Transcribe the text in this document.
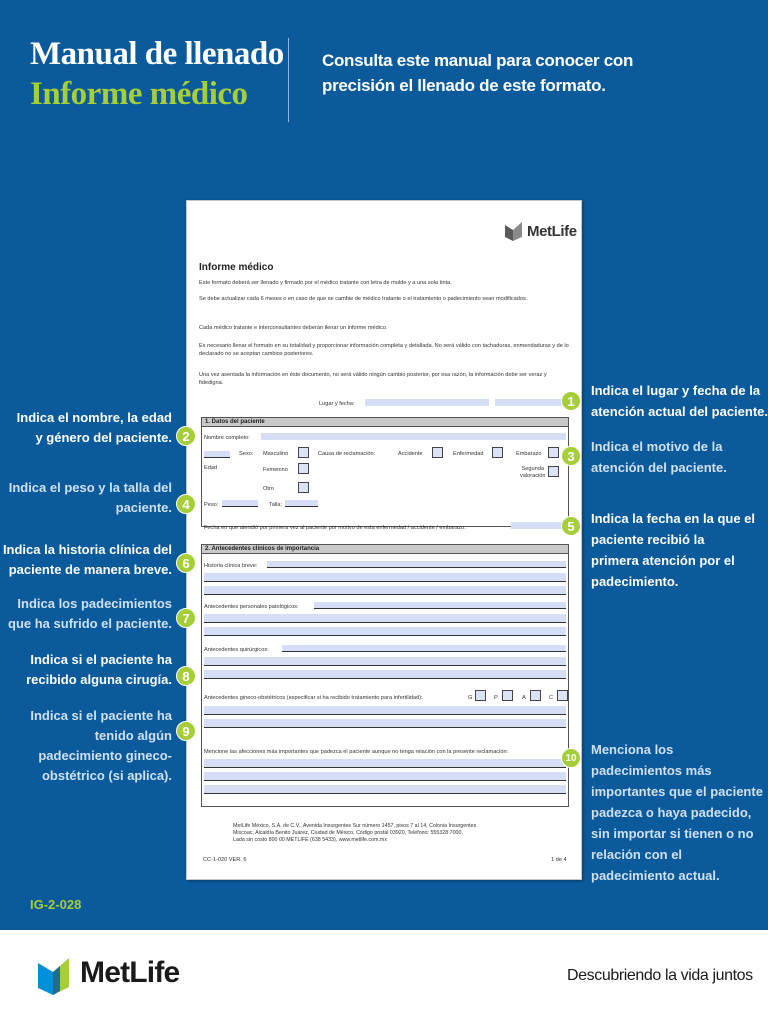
Manual de llenado
Informe médico
Consulta este manual para conocer con
precisión el llenado de este formato.
MetLife
Informe médico
Este formato deberá ser llenado y firmado por el médico tratante con letra de molde y a una sola tinta.
Se debe actualizar cada 6 meses o en caso de que se cambie de médico tratante o el tratamiento o padecimiento sean modificados.
Cada médico tratante e interconsultantes deberán llenar un informe médico.
Es necesario llenar el formato en su totalidad y proporcionar información completa y detallada. No será válido con tachaduras, enmendaduras y de lo declarado no se aceptan cambios posteriores.
Una vez asentada la información en éste documento, no será válido ningún cambio posterior, por esa razón, la información debe ser veraz y fidedigna.
Lugar y fecha:
1. Datos del paciente
Nombre completo:
Edad
Sexo: Masculino
Femenino
Otro
Causa de reclamación:	Accidente	Enfermedad	Embarazo
Segunda
valoración
Peso:	Talla:
Fecha en que atendió por primera vez al paciente por motivo de esta enfermedad / accidente / embarazo.
2. Antecedentes clínicos de importancia
Historia clínica breve:
Antecedentes personales patológicos:
Antecedentes quirúrgicos:
Antecedentes gineco-obstétricos (especificar si ha recibido tratamiento para infertilidad):	G	P	A	C
Mencione las afecciones más importantes que padezca el paciente aunque no tenga relación con la presente reclamación:
MetLife México, S.A. de C.V., Avenida Insurgentes Sur número 1457, pisos 7 al 14, Colonia Insurgentes
Mixcoac, Alcaldía Benito Juárez, Ciudad de México, Código postal 03920, Teléfono: 555328 7000,
Lada sin costo 800 00 METLIFE (638 5433), www.metlife.com.mx
CC-1-020 VER. 6	1 de 4
Indica el nombre, la edad
y género del paciente. 2
Indica el peso y la talla del
paciente. 4
Indica la historia clínica del
paciente de manera breve. 6
Indica los padecimientos
que ha sufrido el paciente. 7
Indica si el paciente ha
recibido alguna cirugía. 8
Indica si el paciente ha
tenido algún
padecimiento gineco-
obstétrico (si aplica).
9
1
Indica el lugar y fecha de la
atención actual del paciente.
3
Indica el motivo de la
atención del paciente.
5
Indica la fecha en la que el
paciente recibió la
primera atención por el
padecimiento.
10
Menciona los
padecimientos más
importantes que el paciente
padezca o haya padecido,
sin importar si tienen o no
relación con el
padecimiento actual.
IG-2-028
MetLife	Descubriendo la vida juntos
